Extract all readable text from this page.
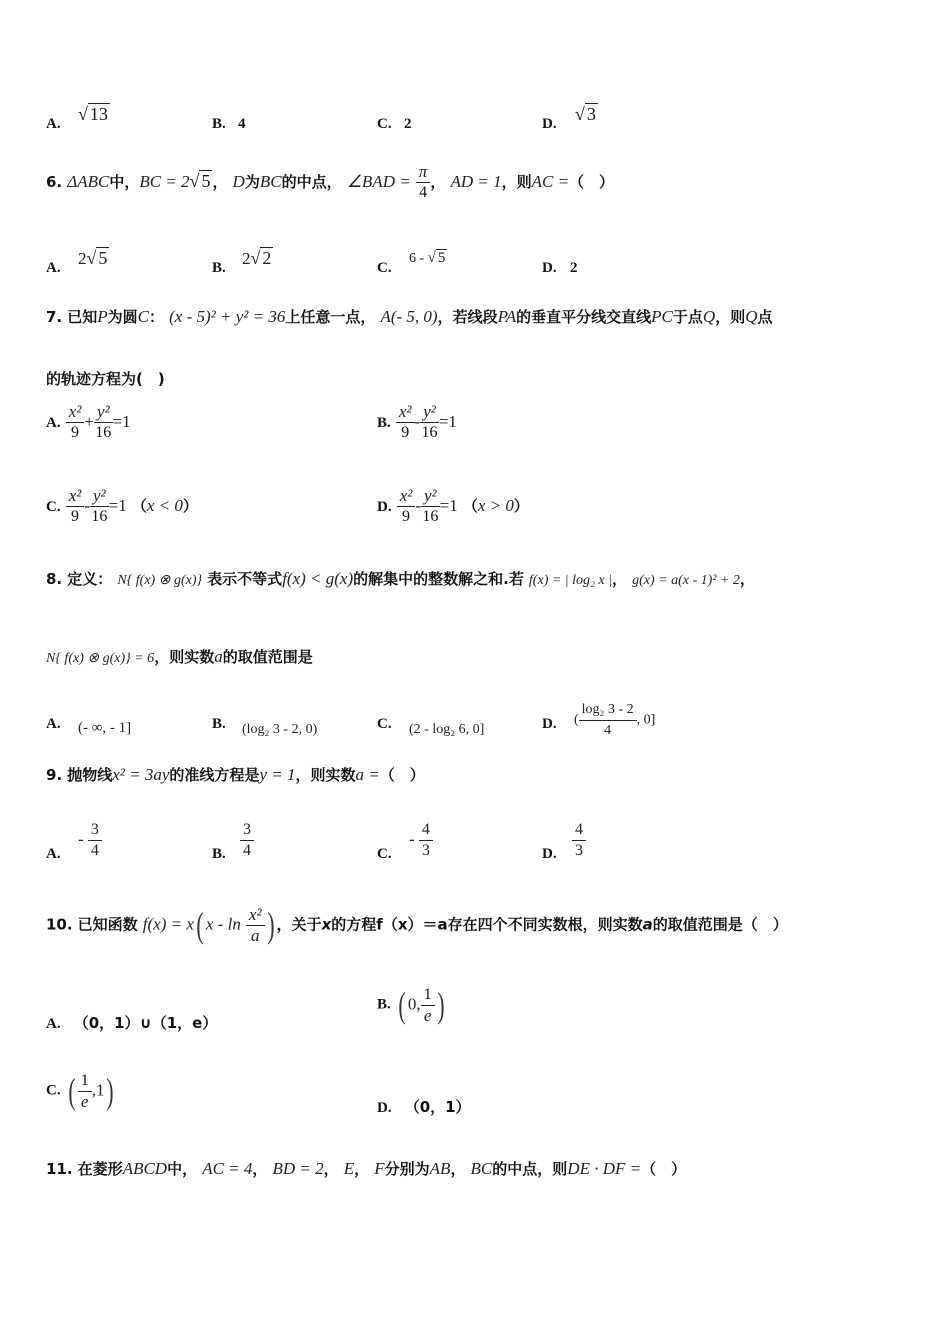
A. √ 13	B. 4	C. 2	D. √ 3
6. ΔABC中，BC = 2√ 5 ， D为BC的中点， ∠BAD = $\frac{\pi}{4}$ ， AD = 1，则AC =（　）
A. 2√ 5	B. 2√ 2	C.
6 - √ 5
D. 2
7. 已知P为圆C： (x - 5)² + y² = 36上任意一点， A(- 5, 0)，若线段PA的垂直平分线交直线PC于点Q，则Q点
的轨迹方程为(　)
A. $\frac{\text{x²}}{9} + \frac{\text{y²}}{16} =1$	B. $\frac{\text{x²}}{9} - \frac{\text{y²}}{16} =1$
C. $\frac{\text{x²}}{9} - \frac{\text{y²}}{16} =1$ （x < 0）	D. $\frac{\text{x²}}{9} - \frac{\text{y²}}{16} =1$ （x > 0）
8. 定义： N{ f(x) ⊗ g(x)} 表示不等式f(x) < g(x)的解集中的整数解之和.若 f(x) = | log₂ x |， g(x) = a(x - 1)² + 2，
N{ f(x) ⊗ g(x)} = 6，则实数a的取值范围是
A. (- ∞, - 1]	B. (log₂ 3 - 2, 0)	C. (2 - log₂ 6, 0]	D. ( $\frac{\text{log₂ 3 - 2}}{4}$ , 0]
9. 抛物线x² = 3ay的准线方程是y = 1，则实数a =（　）
A.
- $\frac{3}{4}$	B. $\frac{3}{4}$	C.
- $\frac{4}{3}$	D. $\frac{4}{3}$
10. 已知函数 f(x) = x( x - $\ln \frac{\text{x²}}{a}$ ) ，关于x的方程f（x）＝a存在四个不同实数根，则实数a的取值范围是（　）
A. （0，1）∪（1，e）
B. ( 0, $\frac{1}{e}$ )
C. ( $\frac{1}{e} ,1$)	D. （0，1）
11. 在菱形ABCD中， AC = 4， BD = 2， E， F分别为AB， BC的中点，则DE · DF =（　）
